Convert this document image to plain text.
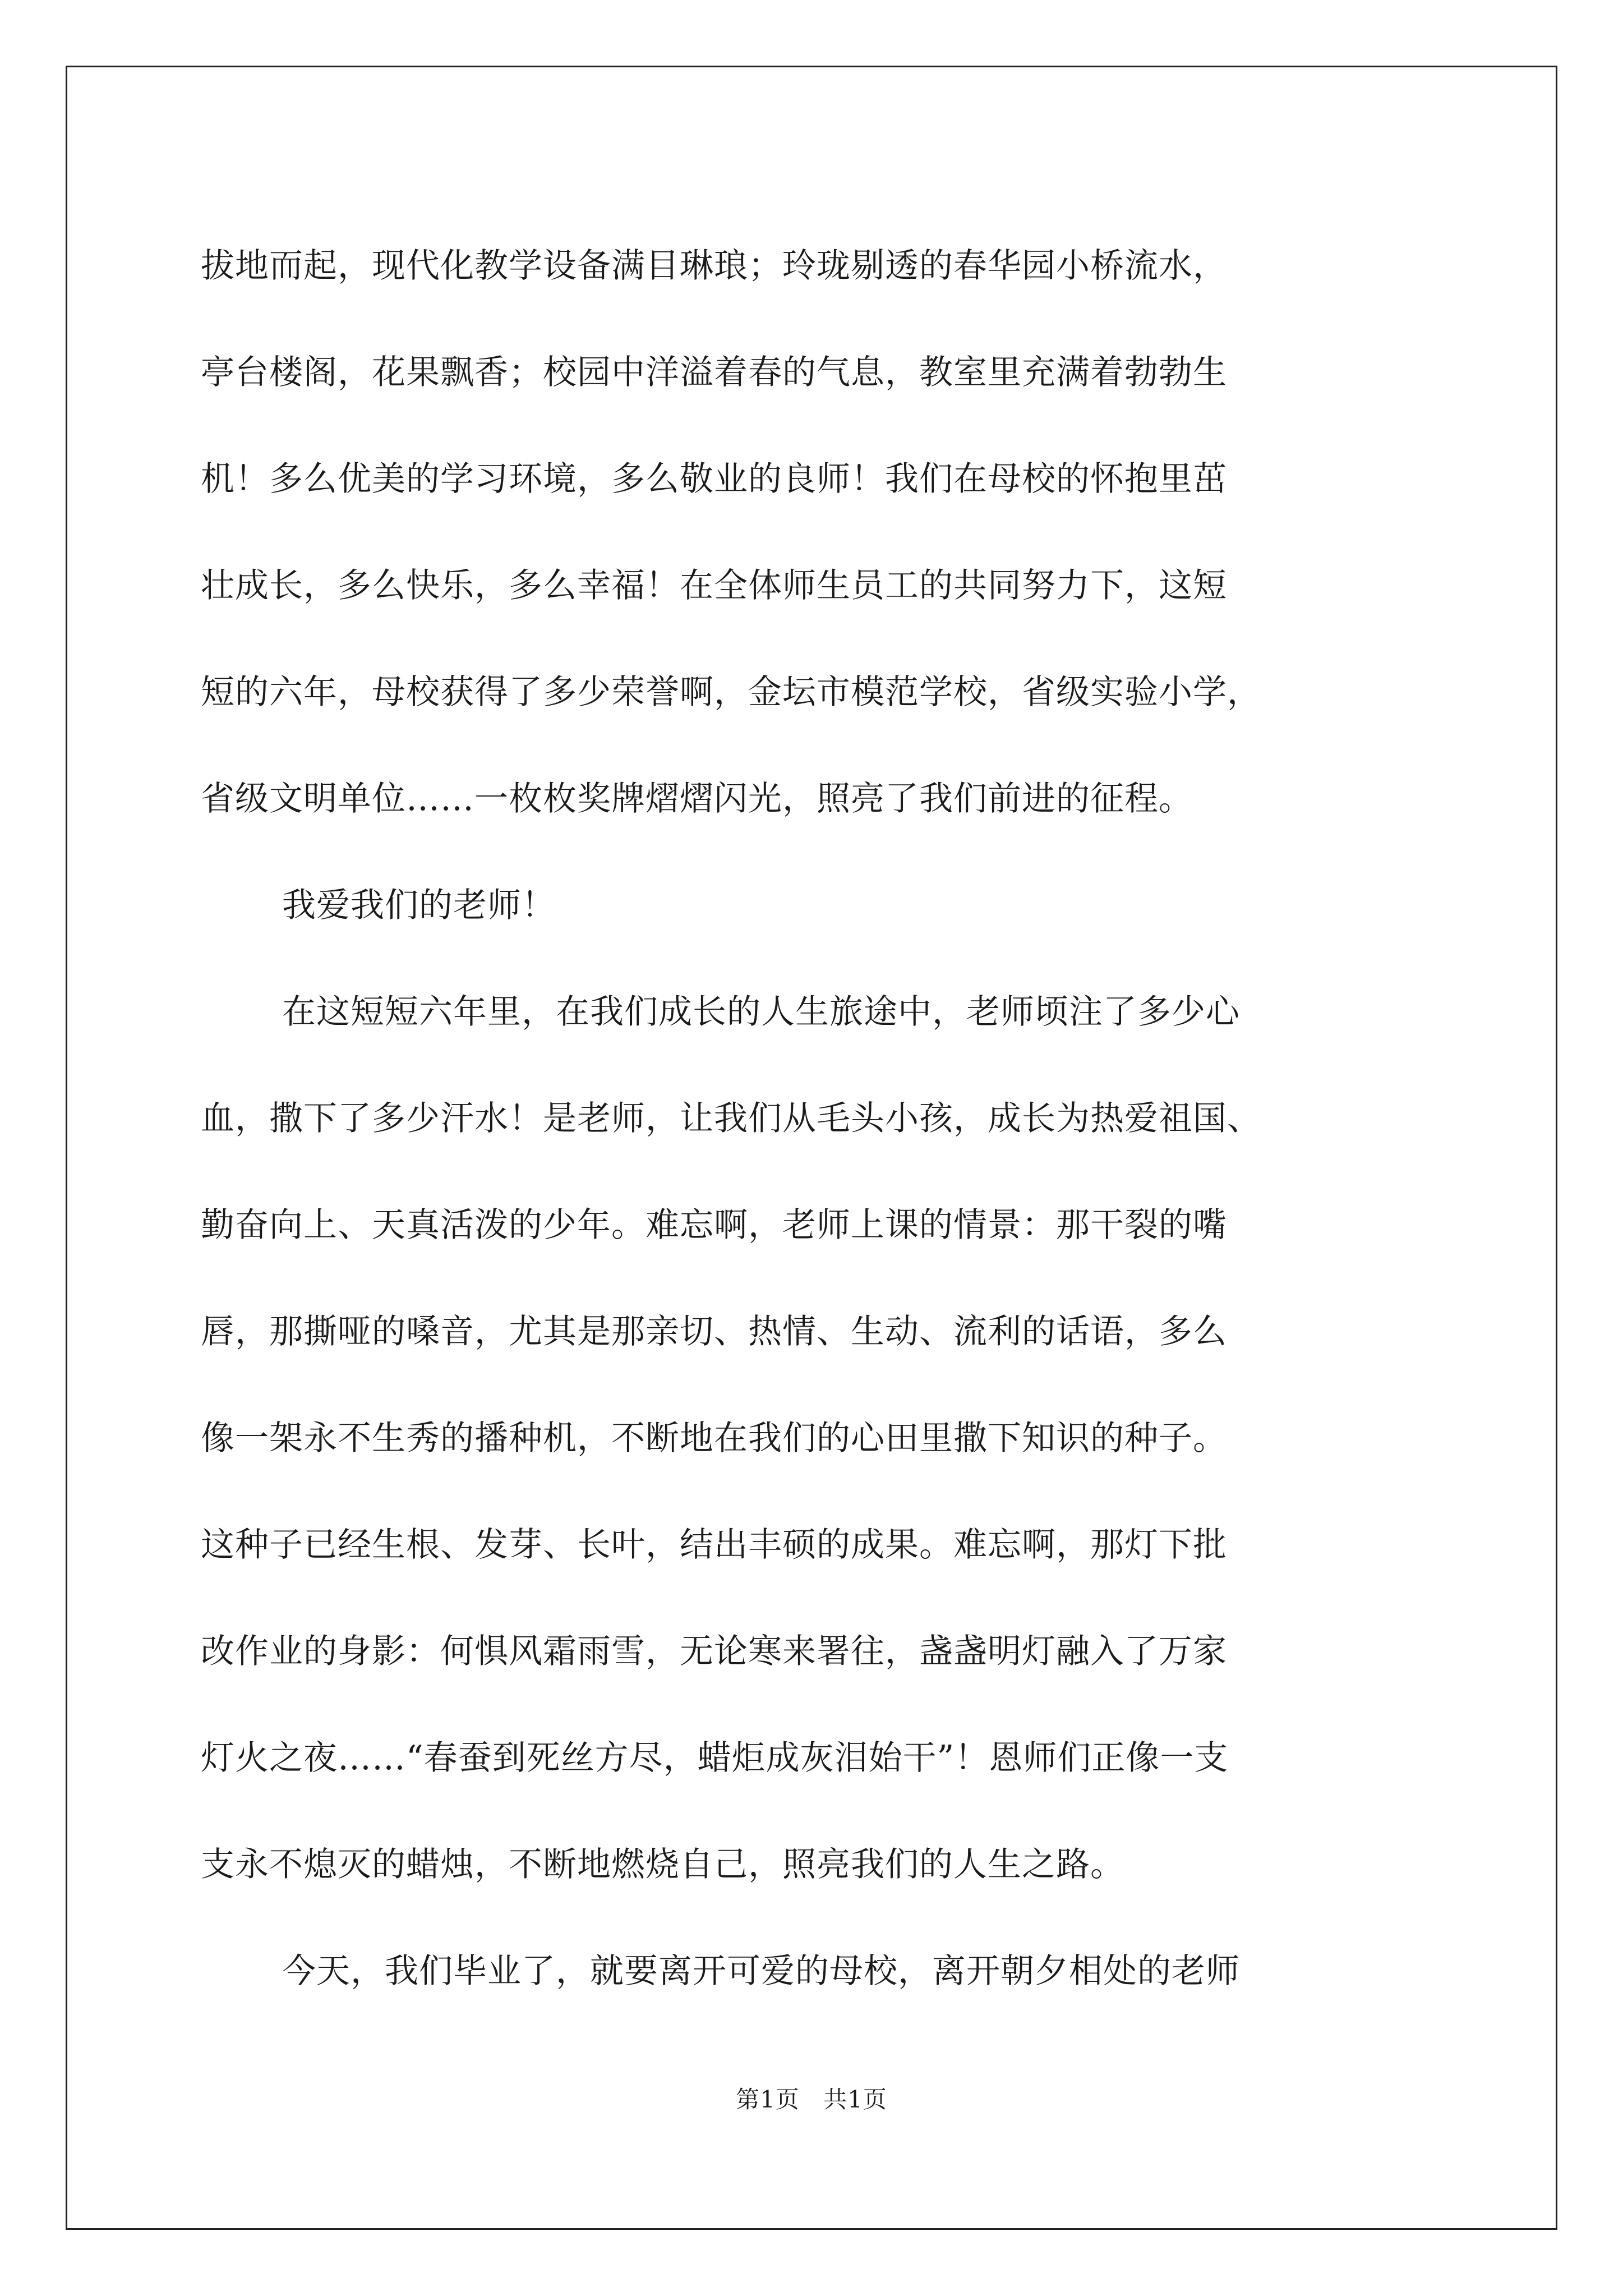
拔地而起，现代化教学设备满目琳琅；玲珑剔透的春华园小桥流水，
亭台楼阁，花果飘香；校园中洋溢着春的气息，教室里充满着勃勃生
机！多么优美的学习环境，多么敬业的良师！我们在母校的怀抱里茁
壮成长，多么快乐，多么幸福！在全体师生员工的共同努力下，这短
短的六年，母校获得了多少荣誉啊，金坛市模范学校，省级实验小学，
省级文明单位……一枚枚奖牌熠熠闪光，照亮了我们前进的征程。
我爱我们的老师！
在这短短六年里，在我们成长的人生旅途中，老师顷注了多少心
血，撒下了多少汗水！是老师，让我们从毛头小孩，成长为热爱祖国、
勤奋向上、天真活泼的少年。难忘啊，老师上课的情景：那干裂的嘴
唇，那撕哑的嗓音，尤其是那亲切、热情、生动、流利的话语，多么
像一架永不生秀的播种机，不断地在我们的心田里撒下知识的种子。
这种子已经生根、发芽、长叶，结出丰硕的成果。难忘啊，那灯下批
改作业的身影：何惧风霜雨雪，无论寒来署往，盏盏明灯融入了万家
灯火之夜……“春蚕到死丝方尽，蜡炬成灰泪始干”！恩师们正像一支
支永不熄灭的蜡烛，不断地燃烧自己，照亮我们的人生之路。
今天，我们毕业了，就要离开可爱的母校，离开朝夕相处的老师
第1页 共1页
